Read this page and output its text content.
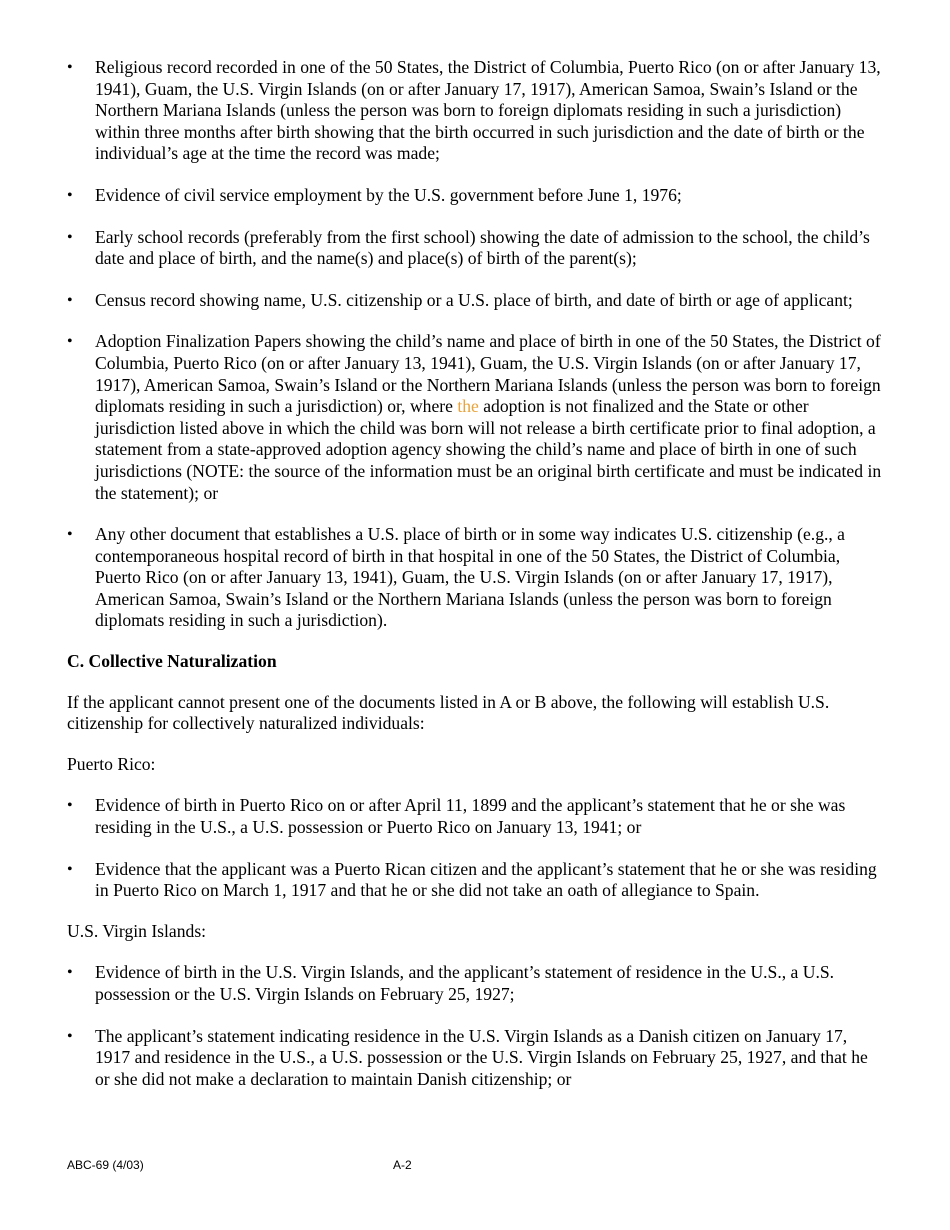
• Religious record recorded in one of the 50 States, the District of Columbia, Puerto Rico (on or after January 13, 1941), Guam, the U.S. Virgin Islands (on or after January 17, 1917), American Samoa, Swain’s Island or the Northern Mariana Islands (unless the person was born to foreign diplomats residing in such a jurisdiction) within three months after birth showing that the birth occurred in such jurisdiction and the date of birth or the individual’s age at the time the record was made;
• Evidence of civil service employment by the U.S. government before June 1, 1976;
• Early school records (preferably from the first school) showing the date of admission to the school, the child’s date and place of birth, and the name(s) and place(s) of birth of the parent(s);
• Census record showing name, U.S. citizenship or a U.S. place of birth, and date of birth or age of applicant;
• Adoption Finalization Papers showing the child’s name and place of birth in one of the 50 States, the District of Columbia, Puerto Rico (on or after January 13, 1941), Guam, the U.S. Virgin Islands (on or after January 17, 1917), American Samoa, Swain’s Island or the Northern Mariana Islands (unless the person was born to foreign diplomats residing in such a jurisdiction) or, where the adoption is not finalized and the State or other jurisdiction listed above in which the child was born will not release a birth certificate prior to final adoption, a statement from a state-approved adoption agency showing the child’s name and place of birth in one of such jurisdictions (NOTE: the source of the information must be an original birth certificate and must be indicated in the statement); or
• Any other document that establishes a U.S. place of birth or in some way indicates U.S. citizenship (e.g., a contemporaneous hospital record of birth in that hospital in one of the 50 States, the District of Columbia, Puerto Rico (on or after January 13, 1941), Guam, the U.S. Virgin Islands (on or after January 17, 1917), American Samoa, Swain’s Island or the Northern Mariana Islands (unless the person was born to foreign diplomats residing in such a jurisdiction).
C. Collective Naturalization
If the applicant cannot present one of the documents listed in A or B above, the following will establish U.S. citizenship for collectively naturalized individuals:
Puerto Rico:
• Evidence of birth in Puerto Rico on or after April 11, 1899 and the applicant’s statement that he or she was residing in the U.S., a U.S. possession or Puerto Rico on January 13, 1941; or
• Evidence that the applicant was a Puerto Rican citizen and the applicant’s statement that he or she was residing in Puerto Rico on March 1, 1917 and that he or she did not take an oath of allegiance to Spain.
U.S. Virgin Islands:
• Evidence of birth in the U.S. Virgin Islands, and the applicant’s statement of residence in the U.S., a U.S. possession or the U.S. Virgin Islands on February 25, 1927;
• The applicant’s statement indicating residence in the U.S. Virgin Islands as a Danish citizen on January 17, 1917 and residence in the U.S., a U.S. possession or the U.S. Virgin Islands on February 25, 1927, and that he or she did not make a declaration to maintain Danish citizenship; or
ABC-69 (4/03)	A-2
